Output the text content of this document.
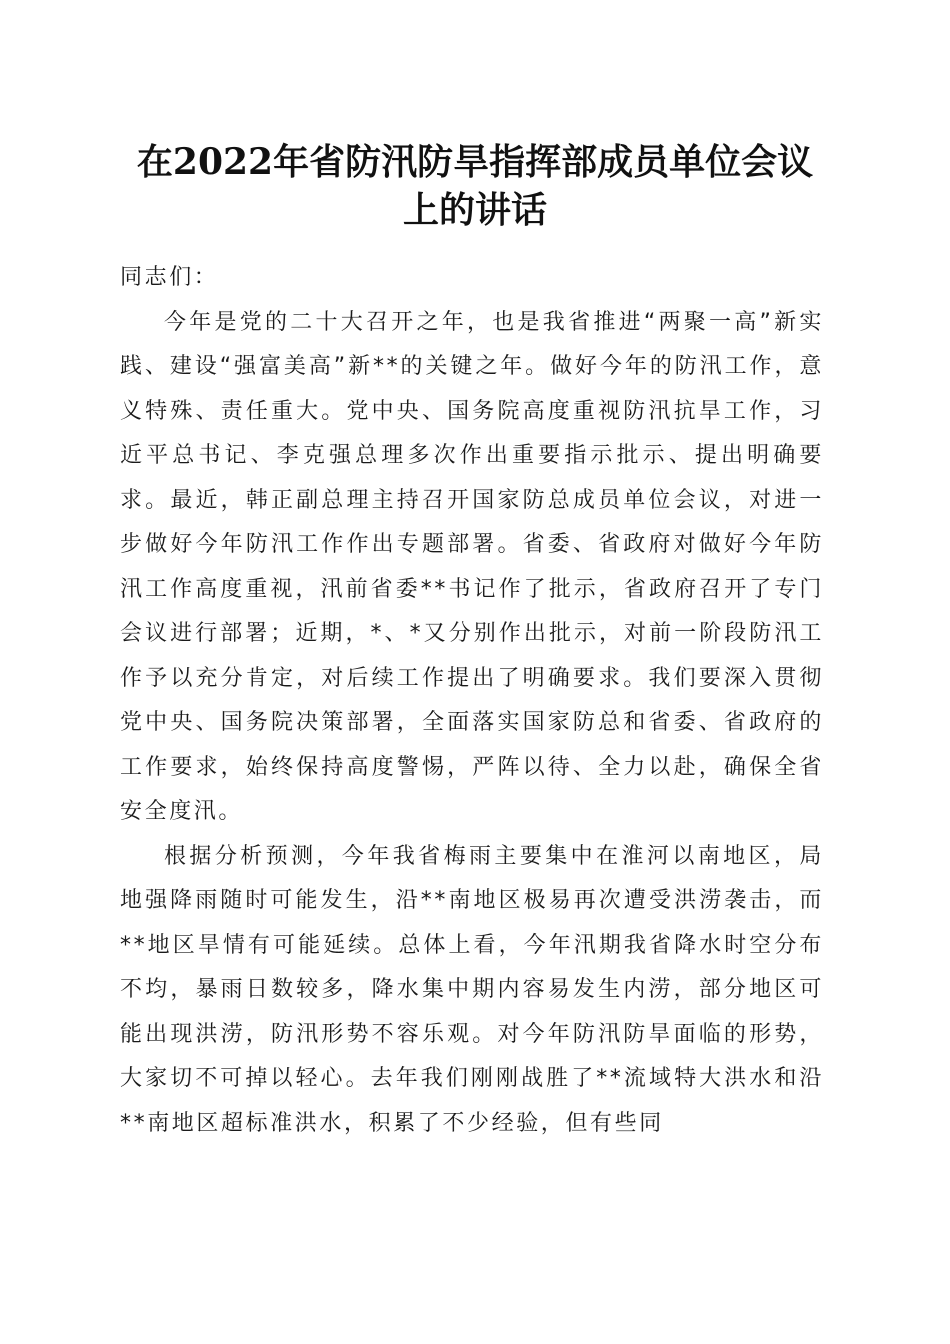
在2022年省防汛防旱指挥部成员单位会议上的讲话

同志们：

今年是党的二十大召开之年，也是我省推进“两聚一高”新实践、建设“强富美高”新**的关键之年。做好今年的防汛工作，意义特殊、责任重大。党中央、国务院高度重视防汛抗旱工作，习近平总书记、李克强总理多次作出重要指示批示、提出明确要求。最近，韩正副总理主持召开国家防总成员单位会议，对进一步做好今年防汛工作作出专题部署。省委、省政府对做好今年防汛工作高度重视，汛前省委**书记作了批示，省政府召开了专门会议进行部署；近期，*、*又分别作出批示，对前一阶段防汛工作予以充分肯定，对后续工作提出了明确要求。我们要深入贯彻党中央、国务院决策部署，全面落实国家防总和省委、省政府的工作要求，始终保持高度警惕，严阵以待、全力以赴，确保全省安全度汛。

根据分析预测，今年我省梅雨主要集中在淮河以南地区，局地强降雨随时可能发生，沿**南地区极易再次遭受洪涝袭击，而**地区旱情有可能延续。总体上看，今年汛期我省降水时空分布不均，暴雨日数较多，降水集中期内容易发生内涝，部分地区可能出现洪涝，防汛形势不容乐观。对今年防汛防旱面临的形势，大家切不可掉以轻心。去年我们刚刚战胜了**流域特大洪水和沿**南地区超标准洪水，积累了不少经验，但有些同
